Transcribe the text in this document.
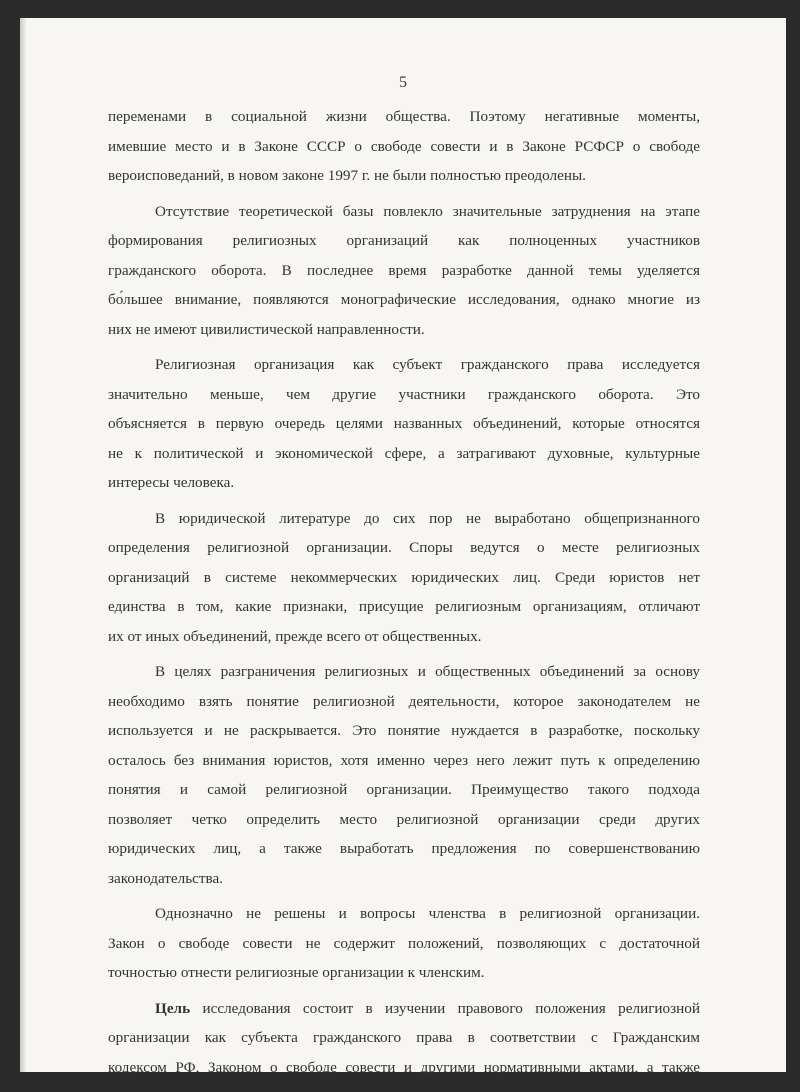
5

переменами в социальной жизни общества. Поэтому негативные моменты,

имевшие место и в Законе СССР о свободе совести и в Законе РСФСР о свободе

вероисповеданий, в новом законе 1997 г. не были полностью преодолены.

Отсутствие теоретической базы повлекло значительные затруднения на этапе

формирования религиозных организаций как полноценных участников

гражданского оборота. В последнее время разработке данной темы уделяется

бо́льшее внимание, появляются монографические исследования, однако многие из

них не имеют цивилистической направленности.

Религиозная организация как субъект гражданского права исследуется

значительно меньше, чем другие участники гражданского оборота. Это

объясняется в первую очередь целями названных объединений, которые относятся

не к политической и экономической сфере, а затрагивают духовные, культурные

интересы человека.

В юридической литературе до сих пор не выработано общепризнанного

определения религиозной организации. Споры ведутся о месте религиозных

организаций в системе некоммерческих юридических лиц. Среди юристов нет

единства в том, какие признаки, присущие религиозным организациям, отличают

их от иных объединений, прежде всего от общественных.

В целях разграничения религиозных и общественных объединений за основу

необходимо взять понятие религиозной деятельности, которое законодателем не

используется и не раскрывается. Это понятие нуждается в разработке, поскольку

осталось без внимания юристов, хотя именно через него лежит путь к определению

понятия и самой религиозной организации. Преимущество такого подхода

позволяет четко определить место религиозной организации среди других

юридических лиц, а также выработать предложения по совершенствованию

законодательства.

Однозначно не решены и вопросы членства в религиозной организации.

Закон о свободе совести не содержит положений, позволяющих с достаточной

точностью отнести религиозные организации к членским.

Цель исследования состоит в изучении правового положения религиозной

организации как субъекта гражданского права в соответствии с Гражданским

кодексом РФ, Законом о свободе совести и другими нормативными актами, а также
